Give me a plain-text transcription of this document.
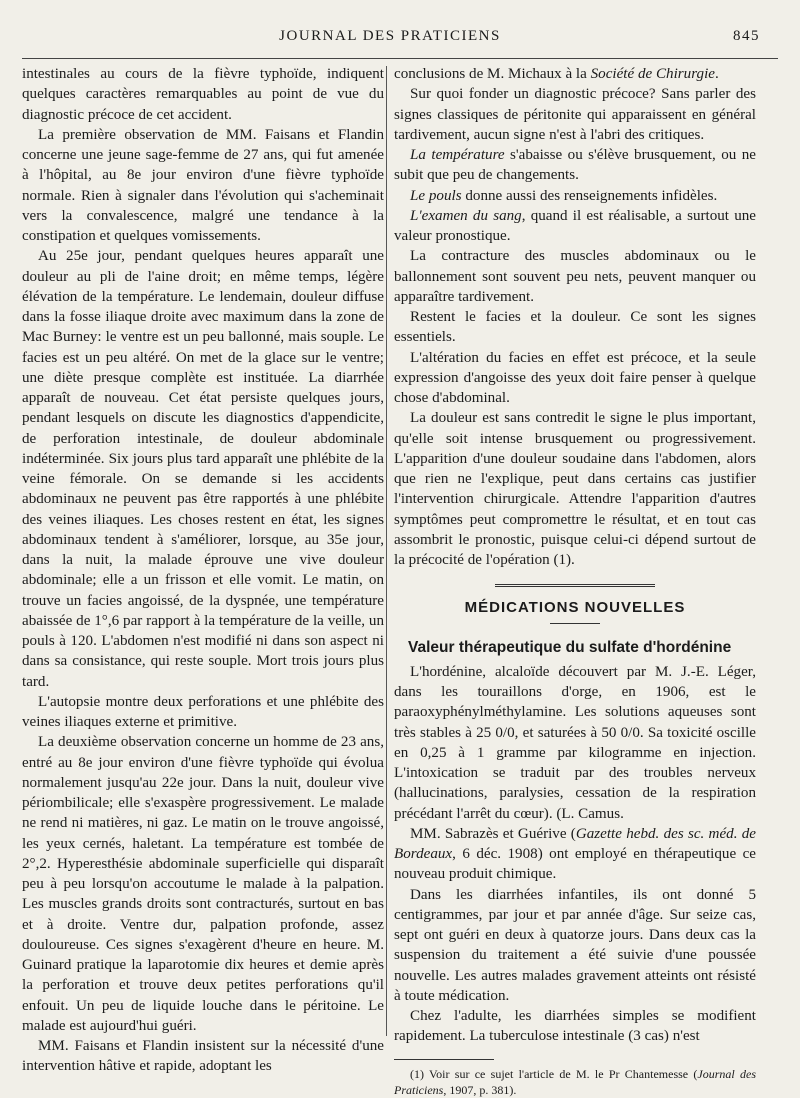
JOURNAL DES PRATICIENS	845

intestinales au cours de la fièvre typhoïde, indiquent quelques caractères remarquables au point de vue du diagnostic précoce de cet accident.

La première observation de MM. Faisans et Flandin concerne une jeune sage-femme de 27 ans, qui fut amenée à l'hôpital, au 8e jour environ d'une fièvre typhoïde normale. Rien à signaler dans l'évolution qui s'acheminait vers la convalescence, malgré une tendance à la constipation et quelques vomissements.

Au 25e jour, pendant quelques heures apparaît une douleur au pli de l'aine droit; en même temps, légère élévation de la température. Le lendemain, douleur diffuse dans la fosse iliaque droite avec maximum dans la zone de Mac Burney: le ventre est un peu ballonné, mais souple. Le facies est un peu altéré. On met de la glace sur le ventre; une diète presque complète est instituée. La diarrhée apparaît de nouveau. Cet état persiste quelques jours, pendant lesquels on discute les diagnostics d'appendicite, de perforation intestinale, de douleur abdominale indéterminée. Six jours plus tard apparaît une phlébite de la veine fémorale. On se demande si les accidents abdominaux ne peuvent pas être rapportés à une phlébite des veines iliaques. Les choses restent en état, les signes abdominaux tendent à s'améliorer, lorsque, au 35e jour, dans la nuit, la malade éprouve une vive douleur abdominale; elle a un frisson et elle vomit. Le matin, on trouve un facies angoissé, de la dyspnée, une température abaissée de 1°,6 par rapport à la température de la veille, un pouls à 120. L'abdomen n'est modifié ni dans son aspect ni dans sa consistance, qui reste souple. Mort trois jours plus tard.

L'autopsie montre deux perforations et une phlébite des veines iliaques externe et primitive.

La deuxième observation concerne un homme de 23 ans, entré au 8e jour environ d'une fièvre typhoïde qui évolua normalement jusqu'au 22e jour. Dans la nuit, douleur vive périombilicale; elle s'exaspère progressivement. Le malade ne rend ni matières, ni gaz. Le matin on le trouve angoissé, les yeux cernés, haletant. La température est tombée de 2°,2. Hyperesthésie abdominale superficielle qui disparaît peu à peu lorsqu'on accoutume le malade à la palpation. Les muscles grands droits sont contracturés, surtout en bas et à droite. Ventre dur, palpation profonde, assez douloureuse. Ces signes s'exagèrent d'heure en heure. M. Guinard pratique la laparotomie dix heures et demie après la perforation et trouve deux petites perforations qu'il enfouit. Un peu de liquide louche dans le péritoine. Le malade est aujourd'hui guéri.

MM. Faisans et Flandin insistent sur la nécessité d'une intervention hâtive et rapide, adoptant les

conclusions de M. Michaux à la Société de Chirurgie.

Sur quoi fonder un diagnostic précoce? Sans parler des signes classiques de péritonite qui apparaissent en général tardivement, aucun signe n'est à l'abri des critiques.

La température s'abaisse ou s'élève brusquement, ou ne subit que peu de changements.

Le pouls donne aussi des renseignements infidèles.

L'examen du sang, quand il est réalisable, a surtout une valeur pronostique.

La contracture des muscles abdominaux ou le ballonnement sont souvent peu nets, peuvent manquer ou apparaître tardivement.

Restent le facies et la douleur. Ce sont les signes essentiels.

L'altération du facies en effet est précoce, et la seule expression d'angoisse des yeux doit faire penser à quelque chose d'abdominal.

La douleur est sans contredit le signe le plus important, qu'elle soit intense brusquement ou progressivement. L'apparition d'une douleur soudaine dans l'abdomen, alors que rien ne l'explique, peut dans certains cas justifier l'intervention chirurgicale. Attendre l'apparition d'autres symptômes peut compromettre le résultat, et en tout cas assombrit le pronostic, puisque celui-ci dépend surtout de la précocité de l'opération (1).

MÉDICATIONS NOUVELLES
Valeur thérapeutique du sulfate d'hordénine

L'hordénine, alcaloïde découvert par M. J.-E. Léger, dans les touraillons d'orge, en 1906, est le paraoxyphénylméthylamine. Les solutions aqueuses sont très stables à 25 0/0, et saturées à 50 0/0. Sa toxicité oscille en 0,25 à 1 gramme par kilogramme en injection. L'intoxication se traduit par des troubles nerveux (hallucinations, paralysies, cessation de la respiration précédant l'arrêt du cœur). (L. Camus.

MM. Sabrazès et Guérive (Gazette hebd. des sc. méd. de Bordeaux, 6 déc. 1908) ont employé en thérapeutique ce nouveau produit chimique.

Dans les diarrhées infantiles, ils ont donné 5 centigrammes, par jour et par année d'âge. Sur seize cas, sept ont guéri en deux à quatorze jours. Dans deux cas la suspension du traitement a été suivie d'une poussée nouvelle. Les autres malades gravement atteints ont résisté à toute médication.

Chez l'adulte, les diarrhées simples se modifient rapidement. La tuberculose intestinale (3 cas) n'est

(1) Voir sur ce sujet l'article de M. le Pr Chantemesse (Journal des Praticiens, 1907, p. 381).
